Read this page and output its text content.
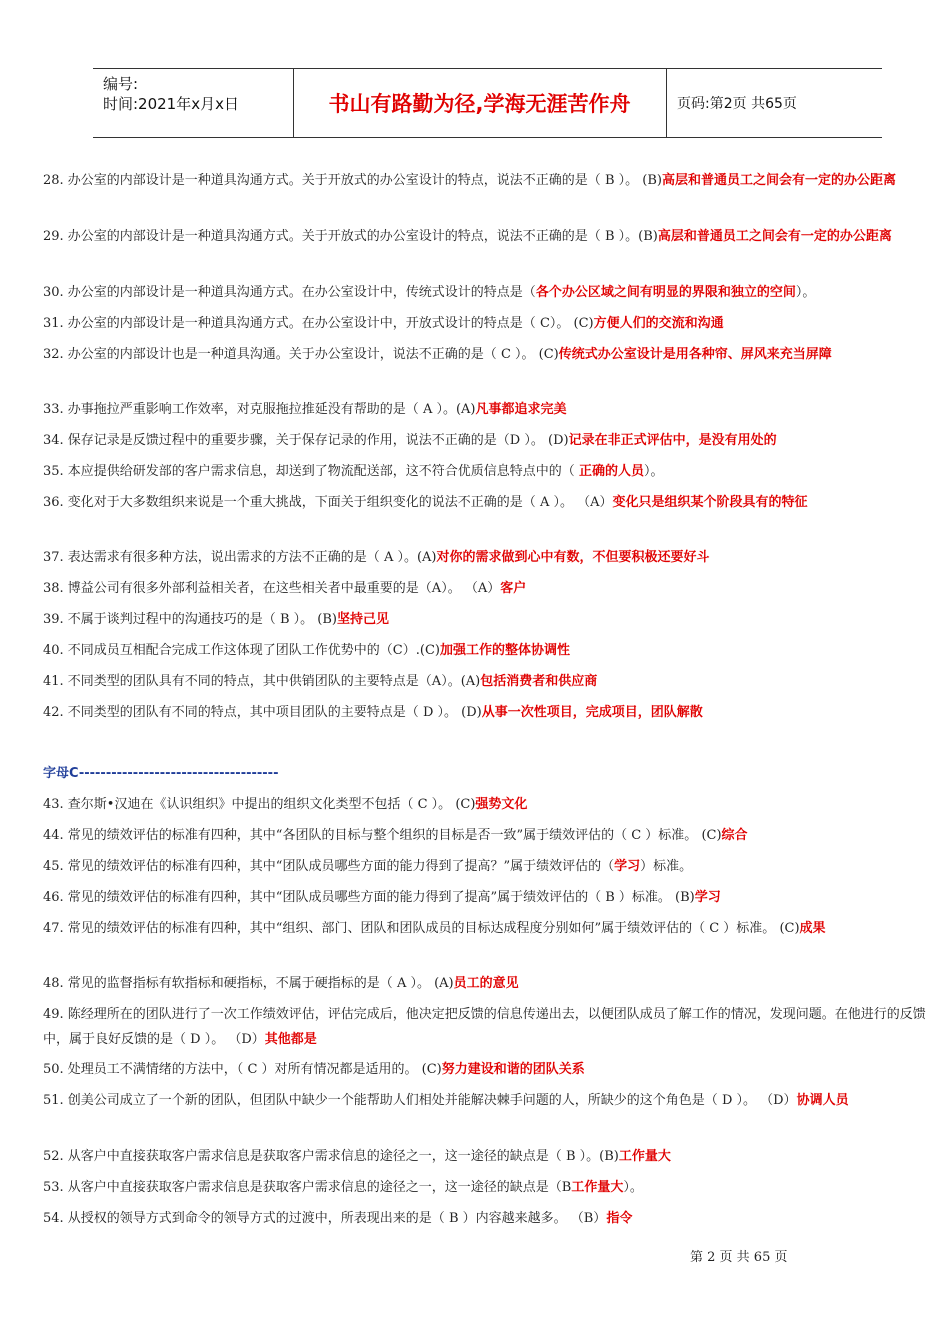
编号:
时间:2021年x月x日	书山有路勤为径,学海无涯苦作舟	页码:第2页 共65页
28. 办公室的内部设计是一种道具沟通方式。关于开放式的办公室设计的特点，说法不正确的是（ B ）。 (B)高层和普通员工之间会有一定的办公距离
29. 办公室的内部设计是一种道具沟通方式。关于开放式的办公室设计的特点，说法不正确的是（ B ）。(B)高层和普通员工之间会有一定的办公距离
30. 办公室的内部设计是一种道具沟通方式。在办公室设计中，传统式设计的特点是（各个办公区域之间有明显的界限和独立的空间）。
31. 办公室的内部设计是一种道具沟通方式。在办公室设计中，开放式设计的特点是（ C）。 (C)方便人们的交流和沟通
32. 办公室的内部设计也是一种道具沟通。关于办公室设计，说法不正确的是（ C ）。 (C)传统式办公室设计是用各种帘、屏风来充当屏障
33. 办事拖拉严重影响工作效率，对克服拖拉推延没有帮助的是（ A ）。(A)凡事都追求完美
34. 保存记录是反馈过程中的重要步骤，关于保存记录的作用，说法不正确的是（D ）。 (D)记录在非正式评估中，是没有用处的
35. 本应提供给研发部的客户需求信息，却送到了物流配送部，这不符合优质信息特点中的（ 正确的人员）。
36. 变化对于大多数组织来说是一个重大挑战，下面关于组织变化的说法不正确的是（ A ）。 （A）变化只是组织某个阶段具有的特征
37. 表达需求有很多种方法，说出需求的方法不正确的是（ A ）。(A)对你的需求做到心中有数，不但要积极还要好斗
38. 博益公司有很多外部利益相关者，在这些相关者中最重要的是（A）。 （A）客户
39. 不属于谈判过程中的沟通技巧的是（ B ）。 (B)坚持己见
40. 不同成员互相配合完成工作这体现了团队工作优势中的（C）.(C)加强工作的整体协调性
41. 不同类型的团队具有不同的特点，其中供销团队的主要特点是（A）。(A)包括消费者和供应商
42. 不同类型的团队有不同的特点，其中项目团队的主要特点是（ D ）。 (D)从事一次性项目，完成项目，团队解散
43. 查尔斯•汉迪在《认识组织》中提出的组织文化类型不包括（ C ）。 (C)强势文化
44. 常见的绩效评估的标准有四种，其中“各团队的目标与整个组织的目标是否一致”属于绩效评估的（ C ）标准。 (C)综合
45. 常见的绩效评估的标准有四种，其中“团队成员哪些方面的能力得到了提高？”属于绩效评估的（学习）标准。
46. 常见的绩效评估的标准有四种，其中“团队成员哪些方面的能力得到了提高”属于绩效评估的（ B ）标准。 (B)学习
47. 常见的绩效评估的标准有四种，其中“组织、部门、团队和团队成员的目标达成程度分别如何”属于绩效评估的（ C ）标准。 (C)成果
48. 常见的监督指标有软指标和硬指标，不属于硬指标的是（ A ）。 (A)员工的意见
49. 陈经理所在的团队进行了一次工作绩效评估，评估完成后，他决定把反馈的信息传递出去，以便团队成员了解工作的情况，发现问题。在他进行的反馈中，属于良好反馈的是（ D ）。 （D）其他都是
50. 处理员工不满情绪的方法中，（ C ）对所有情况都是适用的。 (C)努力建设和谐的团队关系
51. 创美公司成立了一个新的团队，但团队中缺少一个能帮助人们相处并能解决棘手问题的人，所缺少的这个角色是（ D ）。 （D）协调人员
52. 从客户中直接获取客户需求信息是获取客户需求信息的途径之一，这一途径的缺点是（ B ）。(B)工作量大
53. 从客户中直接获取客户需求信息是获取客户需求信息的途径之一，这一途径的缺点是（B工作量大）。
54. 从授权的领导方式到命令的领导方式的过渡中，所表现出来的是（ B ）内容越来越多。 （B）指令
字母C-------------------------------------
第 2 页 共 65 页
